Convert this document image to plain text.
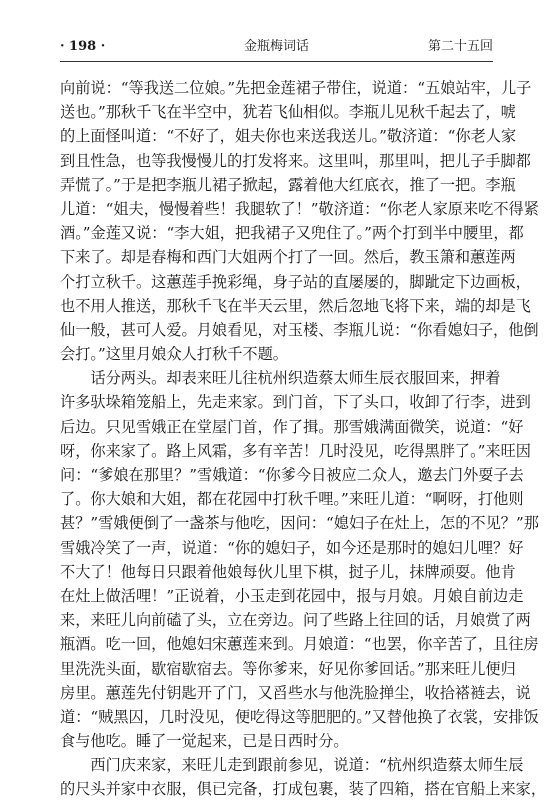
· 198 ·	金瓶梅词话	第二十五回
向前说：“等我送二位娘。”先把金莲裙子带住，说道：“五娘站牢，儿子
送也。”那秋千飞在半空中，犹若飞仙相似。李瓶儿见秋千起去了，唬
的上面怪叫道：“不好了，姐夫你也来送我送儿。”敬济道：“你老人家
到且性急，也等我慢慢儿的打发将来。这里叫，那里叫，把儿子手脚都
弄慌了。”于是把李瓶儿裙子掀起，露着他大红底衣，推了一把。李瓶
儿道：“姐夫，慢慢着些！我腿软了！”敬济道：“你老人家原来吃不得紧
酒。”金莲又说：“李大姐，把我裙子又兜住了。”两个打到半中腰里，都
下来了。却是春梅和西门大姐两个打了一回。然后，教玉箫和蕙莲两
个打立秋千。这蕙莲手挽彩绳，身子站的直屡屡的，脚跐定下边画板，
也不用人推送，那秋千飞在半天云里，然后忽地飞将下来，端的却是飞
仙一般，甚可人爱。月娘看见，对玉楼、李瓶儿说：“你看媳妇子，他倒
会打。”这里月娘众人打秋千不题。
　　话分两头。却表来旺儿往杭州织造蔡太师生辰衣服回来，押着
许多驮垛箱笼船上，先走来家。到门首，下了头口，收卸了行李，进到
后边。只见雪娥正在堂屋门首，作了揖。那雪娥满面微笑，说道：“好
呀，你来家了。路上风霜，多有辛苦！几时没见，吃得黑胖了。”来旺因
问：“爹娘在那里？”雪娥道：“你爹今日被应二众人，邀去门外耍子去
了。你大娘和大姐，都在花园中打秋千哩。”来旺儿道：“啊呀，打他则
甚？”雪娥便倒了一盏茶与他吃，因问：“媳妇子在灶上，怎的不见？”那
雪娥冷笑了一声，说道：“你的媳妇子，如今还是那时的媳妇儿哩？好
不大了！他每日只跟着他娘每伙儿里下棋，挝子儿，抹牌顽耍。他肯
在灶上做活哩！”正说着，小玉走到花园中，报与月娘。月娘自前边走
来，来旺儿向前磕了头，立在旁边。问了些路上往回的话，月娘赏了两
瓶酒。吃一回，他媳妇宋蕙莲来到。月娘道：“也罢，你辛苦了，且往房
里洗洗头面，歇宿歇宿去。等你爹来，好见你爹回话。”那来旺儿便归
房里。蕙莲先付钥匙开了门，又舀些水与他洗脸掸尘，收拾褡裢去，说
道：“贼黑囚，几时没见，便吃得这等肥肥的。”又替他换了衣裳，安排饭
食与他吃。睡了一觉起来，已是日西时分。
　　西门庆来家，来旺儿走到跟前参见，说道：“杭州织造蔡太师生辰
的尺头并家中衣服，俱已完备，打成包裹，装了四箱，搭在官船上来家，
